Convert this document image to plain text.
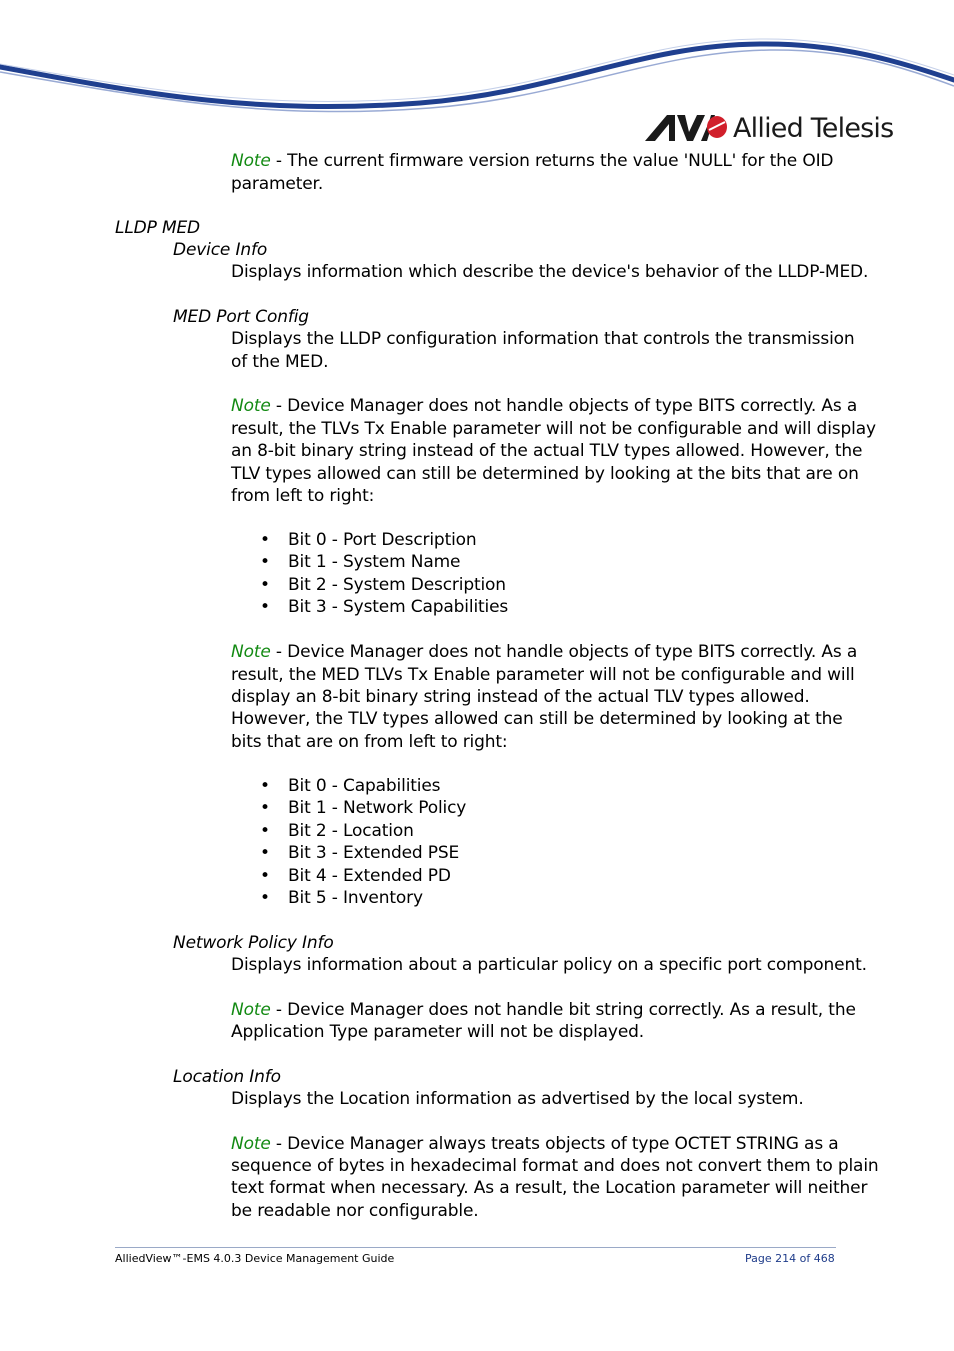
Allied Telesis

Note - The current firmware version returns the value 'NULL' for the OID

parameter.

LLDP MED

Device Info

Displays information which describe the device's behavior of the LLDP-MED.

MED Port Config

Displays the LLDP configuration information that controls the transmission

of the MED.

Note - Device Manager does not handle objects of type BITS correctly. As a

result, the TLVs Tx Enable parameter will not be configurable and will display

an 8-bit binary string instead of the actual TLV types allowed. However, the

TLV types allowed can still be determined by looking at the bits that are on

from left to right:

• Bit 0 - Port Description
• Bit 1 - System Name
• Bit 2 - System Description
• Bit 3 - System Capabilities

Note - Device Manager does not handle objects of type BITS correctly. As a

result, the MED TLVs Tx Enable parameter will not be configurable and will

display an 8-bit binary string instead of the actual TLV types allowed.

However, the TLV types allowed can still be determined by looking at the

bits that are on from left to right:

• Bit 0 - Capabilities
• Bit 1 - Network Policy
• Bit 2 - Location
• Bit 3 - Extended PSE
• Bit 4 - Extended PD
• Bit 5 - Inventory

Network Policy Info

Displays information about a particular policy on a specific port component.

Note - Device Manager does not handle bit string correctly. As a result, the

Application Type parameter will not be displayed.

Location Info

Displays the Location information as advertised by the local system.

Note - Device Manager always treats objects of type OCTET STRING as a

sequence of bytes in hexadecimal format and does not convert them to plain

text format when necessary. As a result, the Location parameter will neither

be readable nor configurable.

AlliedView™-EMS 4.0.3 Device Management Guide	Page 214 of 468
